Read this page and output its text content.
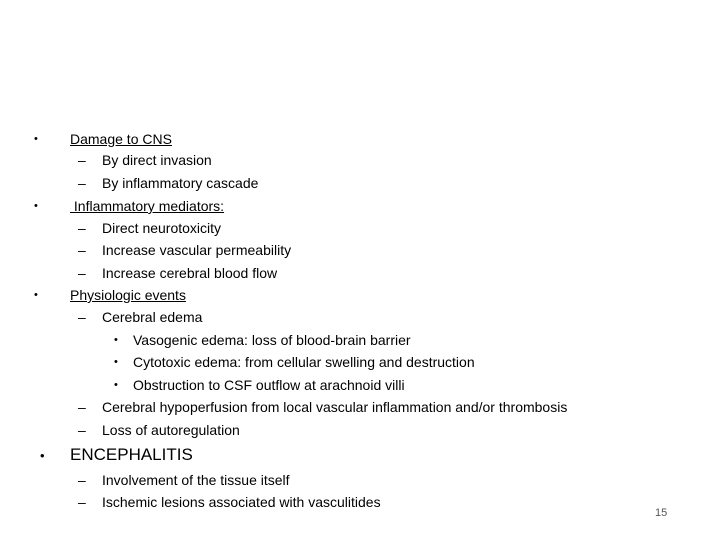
• Damage to CNS
– By direct invasion
– By inflammatory cascade
• Inflammatory mediators:
– Direct neurotoxicity
– Increase vascular permeability
– Increase cerebral blood flow
• Physiologic events
– Cerebral edema
• Vasogenic edema: loss of blood-brain barrier
• Cytotoxic edema: from cellular swelling and destruction
• Obstruction to CSF outflow at arachnoid villi
– Cerebral hypoperfusion from local vascular inflammation and/or thrombosis
– Loss of autoregulation
• ENCEPHALITIS
– Involvement of the tissue itself
– Ischemic lesions associated with vasculitides
15
